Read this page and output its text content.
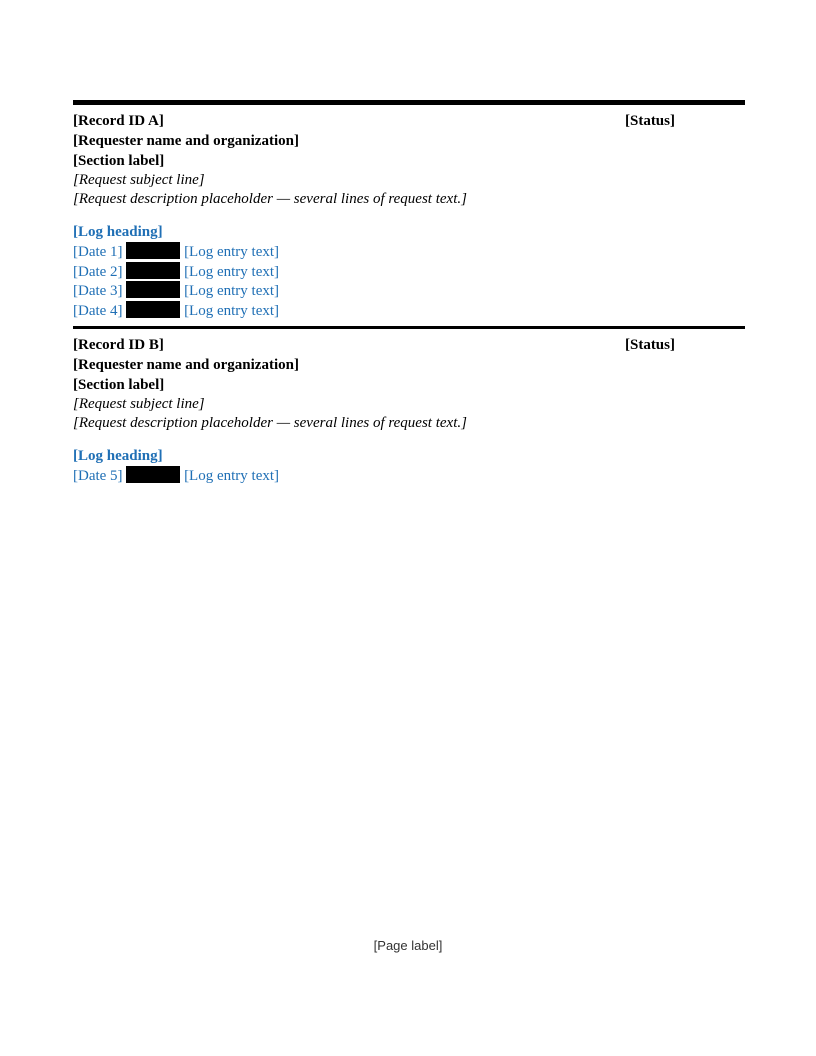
[Record ID A]	[Status]
[Requester name and organization]
[Section label]
[Request subject line]
[Request description placeholder — several lines of request text.]
[Log heading]
[Date 1]	[Log entry text]
[Date 2]	[Log entry text]
[Date 3]	[Log entry text]
[Date 4]	[Log entry text]
[Record ID B]	[Status]
[Requester name and organization]
[Section label]
[Request subject line]
[Request description placeholder — several lines of request text.]
[Log heading]
[Date 5]	[Log entry text]
[Page label]
